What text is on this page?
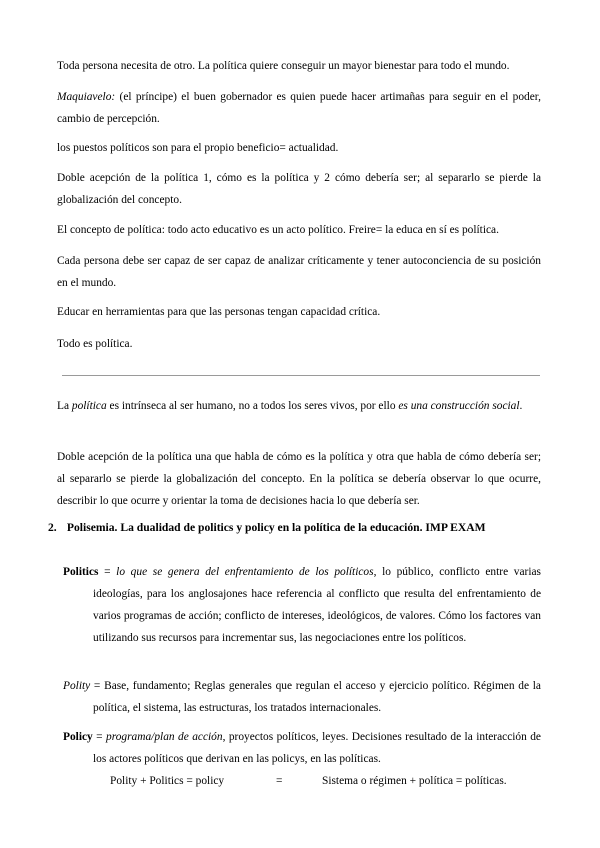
Toda persona necesita de otro. La política quiere conseguir un mayor bienestar para todo el mundo.

Maquiavelo: (el príncipe) el buen gobernador es quien puede hacer artimañas para seguir en el poder, cambio de percepción.

los puestos políticos son para el propio beneficio= actualidad.

Doble acepción de la política 1, cómo es la política y 2 cómo debería ser; al separarlo se pierde la globalización del concepto.

El concepto de política: todo acto educativo es un acto político. Freire= la educa en sí es política.

Cada persona debe ser capaz de ser capaz de analizar críticamente y tener autoconciencia de su posición en el mundo.

Educar en herramientas para que las personas tengan capacidad crítica.

Todo es política.

La política es intrínseca al ser humano, no a todos los seres vivos, por ello es una construcción social.

Doble acepción de la política una que habla de cómo es la política y otra que habla de cómo debería ser; al separarlo se pierde la globalización del concepto. En la política se debería observar lo que ocurre, describir lo que ocurre y orientar la toma de decisiones hacia lo que debería ser.

2. Polisemia. La dualidad de politics y policy en la política de la educación. IMP EXAM

Politics = lo que se genera del enfrentamiento de los políticos, lo público, conflicto entre varias ideologías, para los anglosajones hace referencia al conflicto que resulta del enfrentamiento de varios programas de acción; conflicto de intereses, ideológicos, de valores. Cómo los factores van utilizando sus recursos para incrementar sus, las negociaciones entre los políticos.

Polity = Base, fundamento; Reglas generales que regulan el acceso y ejercicio político. Régimen de la política, el sistema, las estructuras, los tratados internacionales.

Policy = programa/plan de acción, proyectos políticos, leyes. Decisiones resultado de la interacción de los actores políticos que derivan en las policys, en las políticas.

Polity + Politics = policy	=	Sistema o régimen + política = políticas.
